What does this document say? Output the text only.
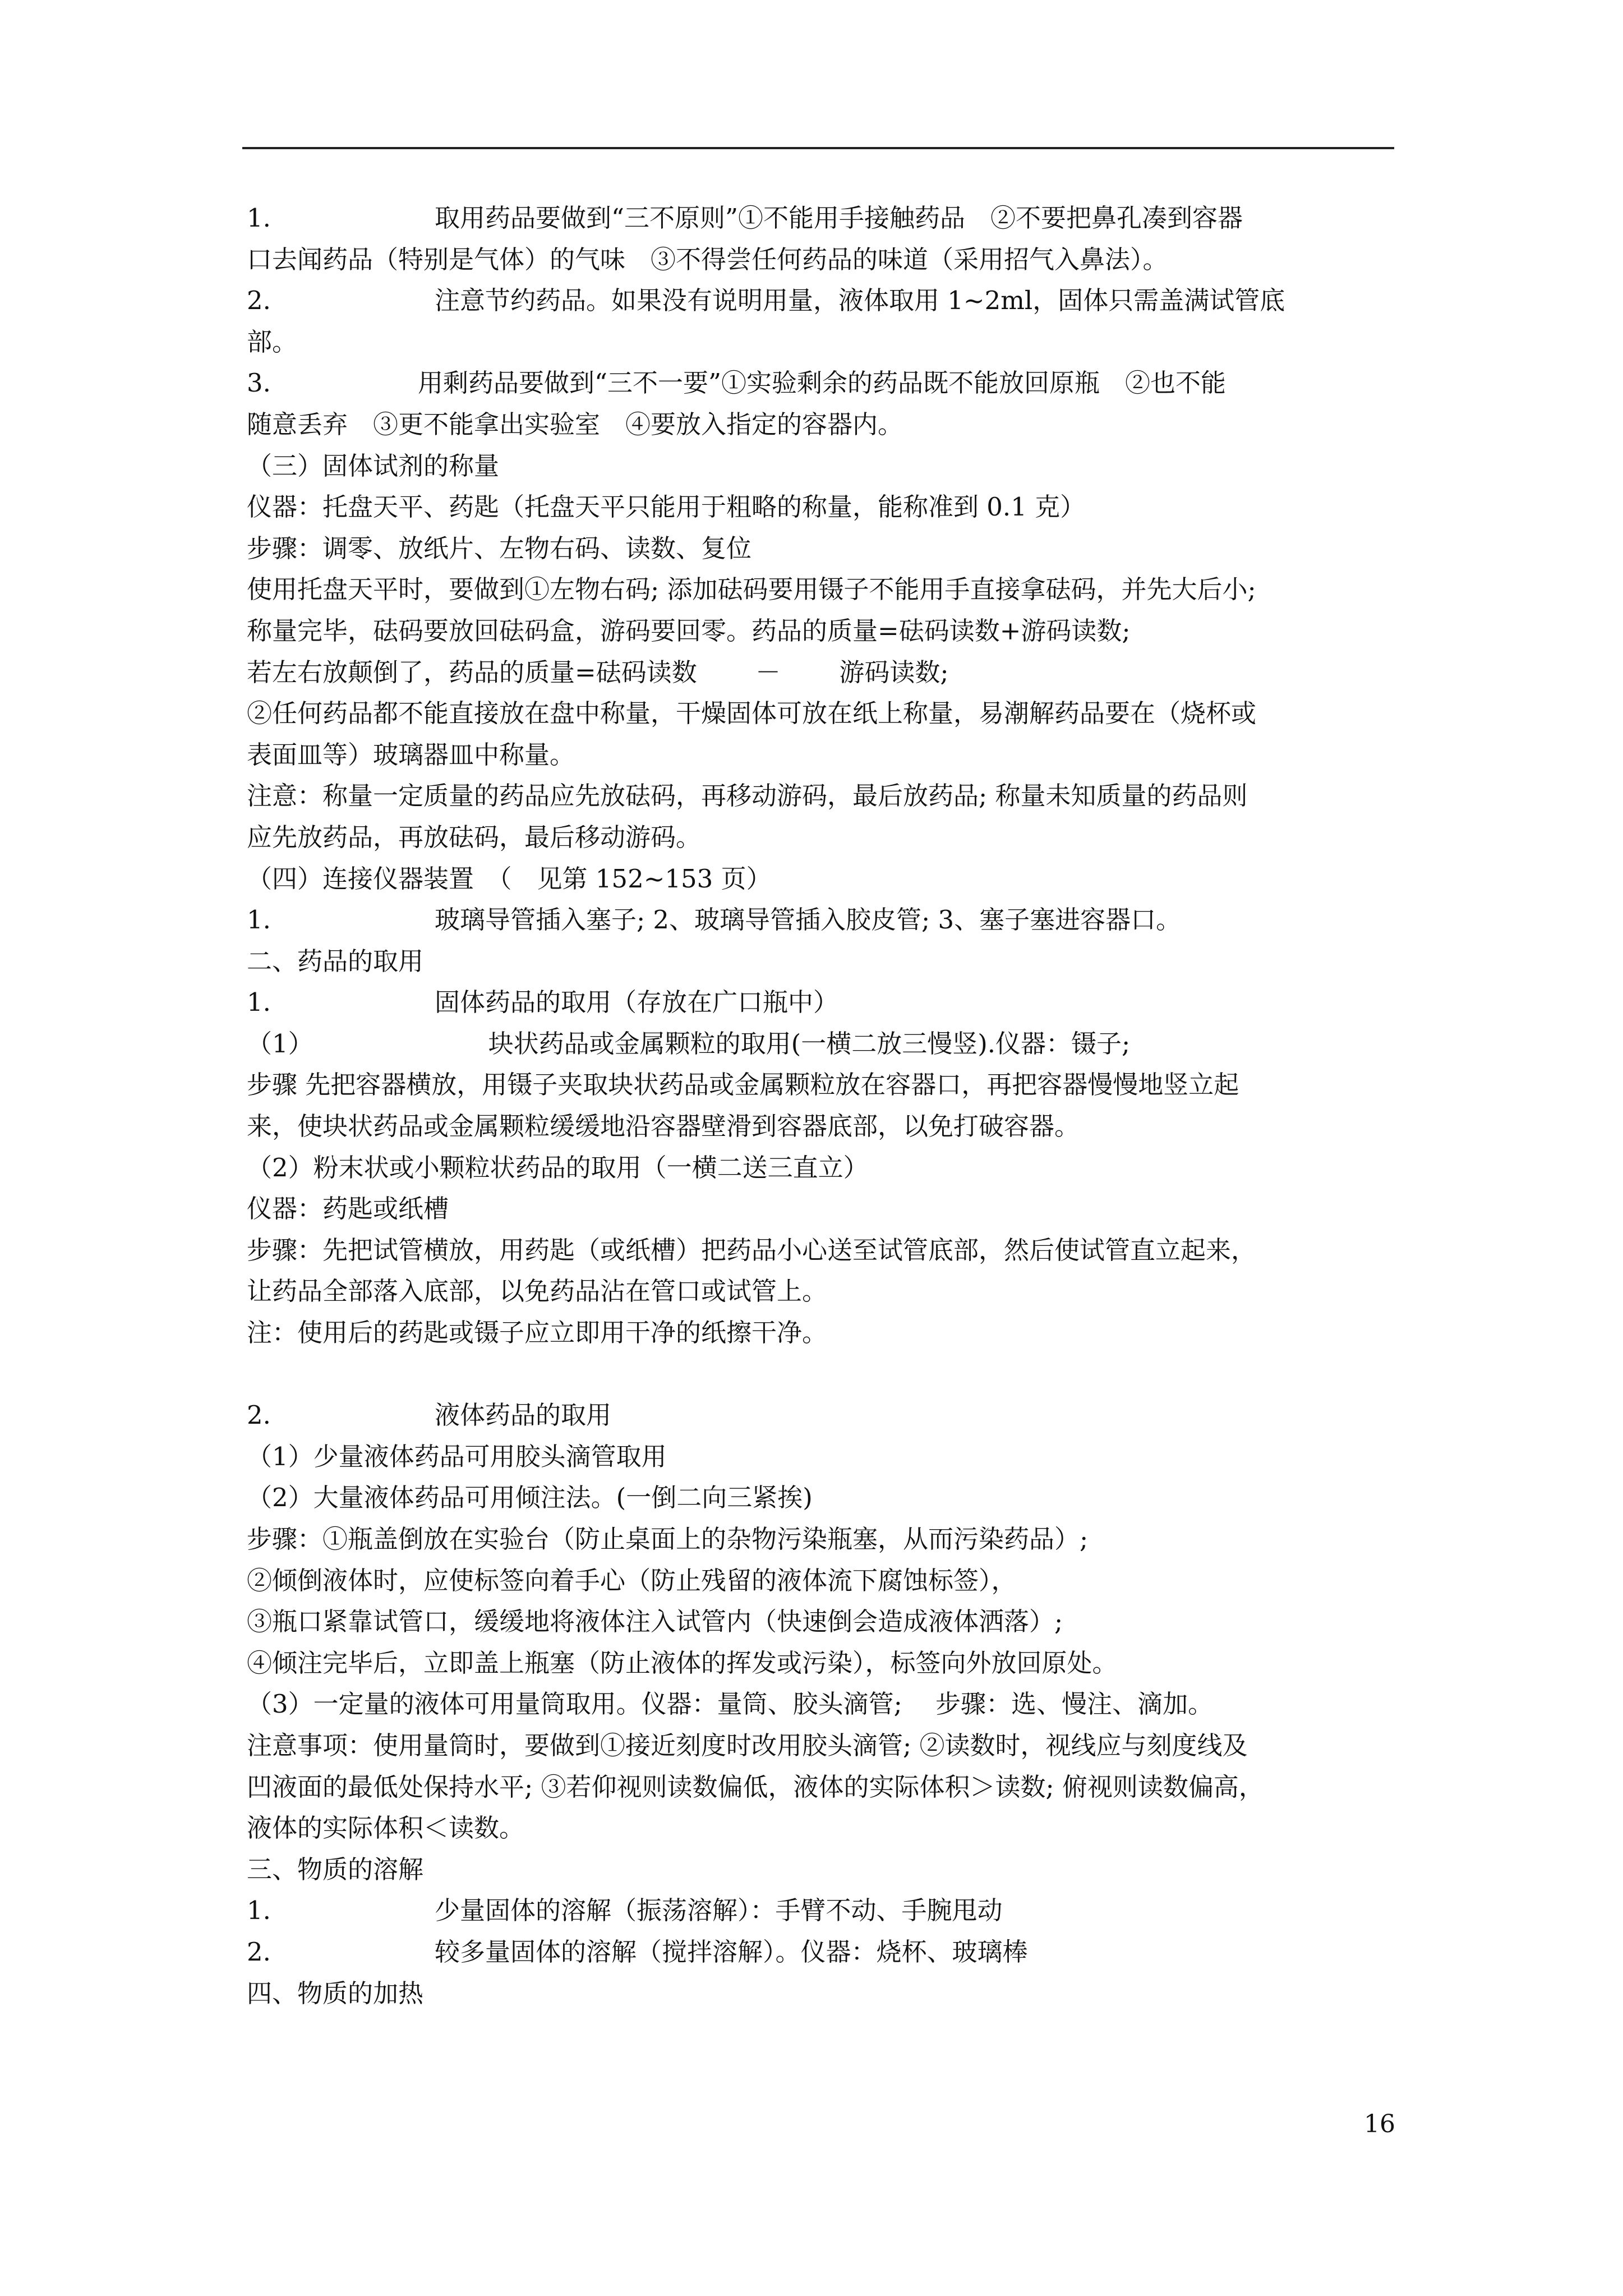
1.	取用药品要做到“三不原则”①不能用手接触药品　②不要把鼻孔凑到容器
口去闻药品（特别是气体）的气味　③不得尝任何药品的味道（采用招气入鼻法）。
2.	注意节约药品。如果没有说明用量，液体取用 1~2ml，固体只需盖满试管底
部。
3.	用剩药品要做到“三不一要”①实验剩余的药品既不能放回原瓶　②也不能
随意丢弃　③更不能拿出实验室　④要放入指定的容器内。
（三）固体试剂的称量
仪器：托盘天平、药匙（托盘天平只能用于粗略的称量，能称准到 0.1 克）
步骤：调零、放纸片、左物右码、读数、复位
使用托盘天平时，要做到①左物右码; 添加砝码要用镊子不能用手直接拿砝码，并先大后小;
称量完毕，砝码要放回砝码盒，游码要回零。药品的质量=砝码读数+游码读数;
若左右放颠倒了，药品的质量=砝码读数　　 －　　 游码读数;
②任何药品都不能直接放在盘中称量，干燥固体可放在纸上称量，易潮解药品要在（烧杯或
表面皿等）玻璃器皿中称量。
注意：称量一定质量的药品应先放砝码，再移动游码，最后放药品; 称量未知质量的药品则
应先放药品，再放砝码，最后移动游码。
（四）连接仪器装置　（　见第 152~153 页）
1.	玻璃导管插入塞子; 2、玻璃导管插入胶皮管; 3、塞子塞进容器口。
二、药品的取用
1.	固体药品的取用（存放在广口瓶中）
（1）	块状药品或金属颗粒的取用(一横二放三慢竖).仪器：镊子;
步骤 先把容器横放，用镊子夹取块状药品或金属颗粒放在容器口，再把容器慢慢地竖立起
来，使块状药品或金属颗粒缓缓地沿容器壁滑到容器底部，以免打破容器。
（2）粉末状或小颗粒状药品的取用（一横二送三直立）
仪器：药匙或纸槽
步骤：先把试管横放，用药匙（或纸槽）把药品小心送至试管底部，然后使试管直立起来，
让药品全部落入底部，以免药品沾在管口或试管上。
注：使用后的药匙或镊子应立即用干净的纸擦干净。
2.	液体药品的取用
（1）少量液体药品可用胶头滴管取用
（2）大量液体药品可用倾注法。(一倒二向三紧挨)
步骤：①瓶盖倒放在实验台（防止桌面上的杂物污染瓶塞，从而污染药品）;
②倾倒液体时，应使标签向着手心（防止残留的液体流下腐蚀标签），
③瓶口紧靠试管口，缓缓地将液体注入试管内（快速倒会造成液体洒落）;
④倾注完毕后，立即盖上瓶塞（防止液体的挥发或污染），标签向外放回原处。
（3）一定量的液体可用量筒取用。仪器：量筒、胶头滴管;　 步骤：选、慢注、滴加。
注意事项：使用量筒时，要做到①接近刻度时改用胶头滴管; ②读数时，视线应与刻度线及
凹液面的最低处保持水平; ③若仰视则读数偏低，液体的实际体积＞读数; 俯视则读数偏高，
液体的实际体积＜读数。
三、物质的溶解
1.	少量固体的溶解（振荡溶解）：手臂不动、手腕甩动
2.	较多量固体的溶解（搅拌溶解）。仪器：烧杯、玻璃棒
四、物质的加热
16
